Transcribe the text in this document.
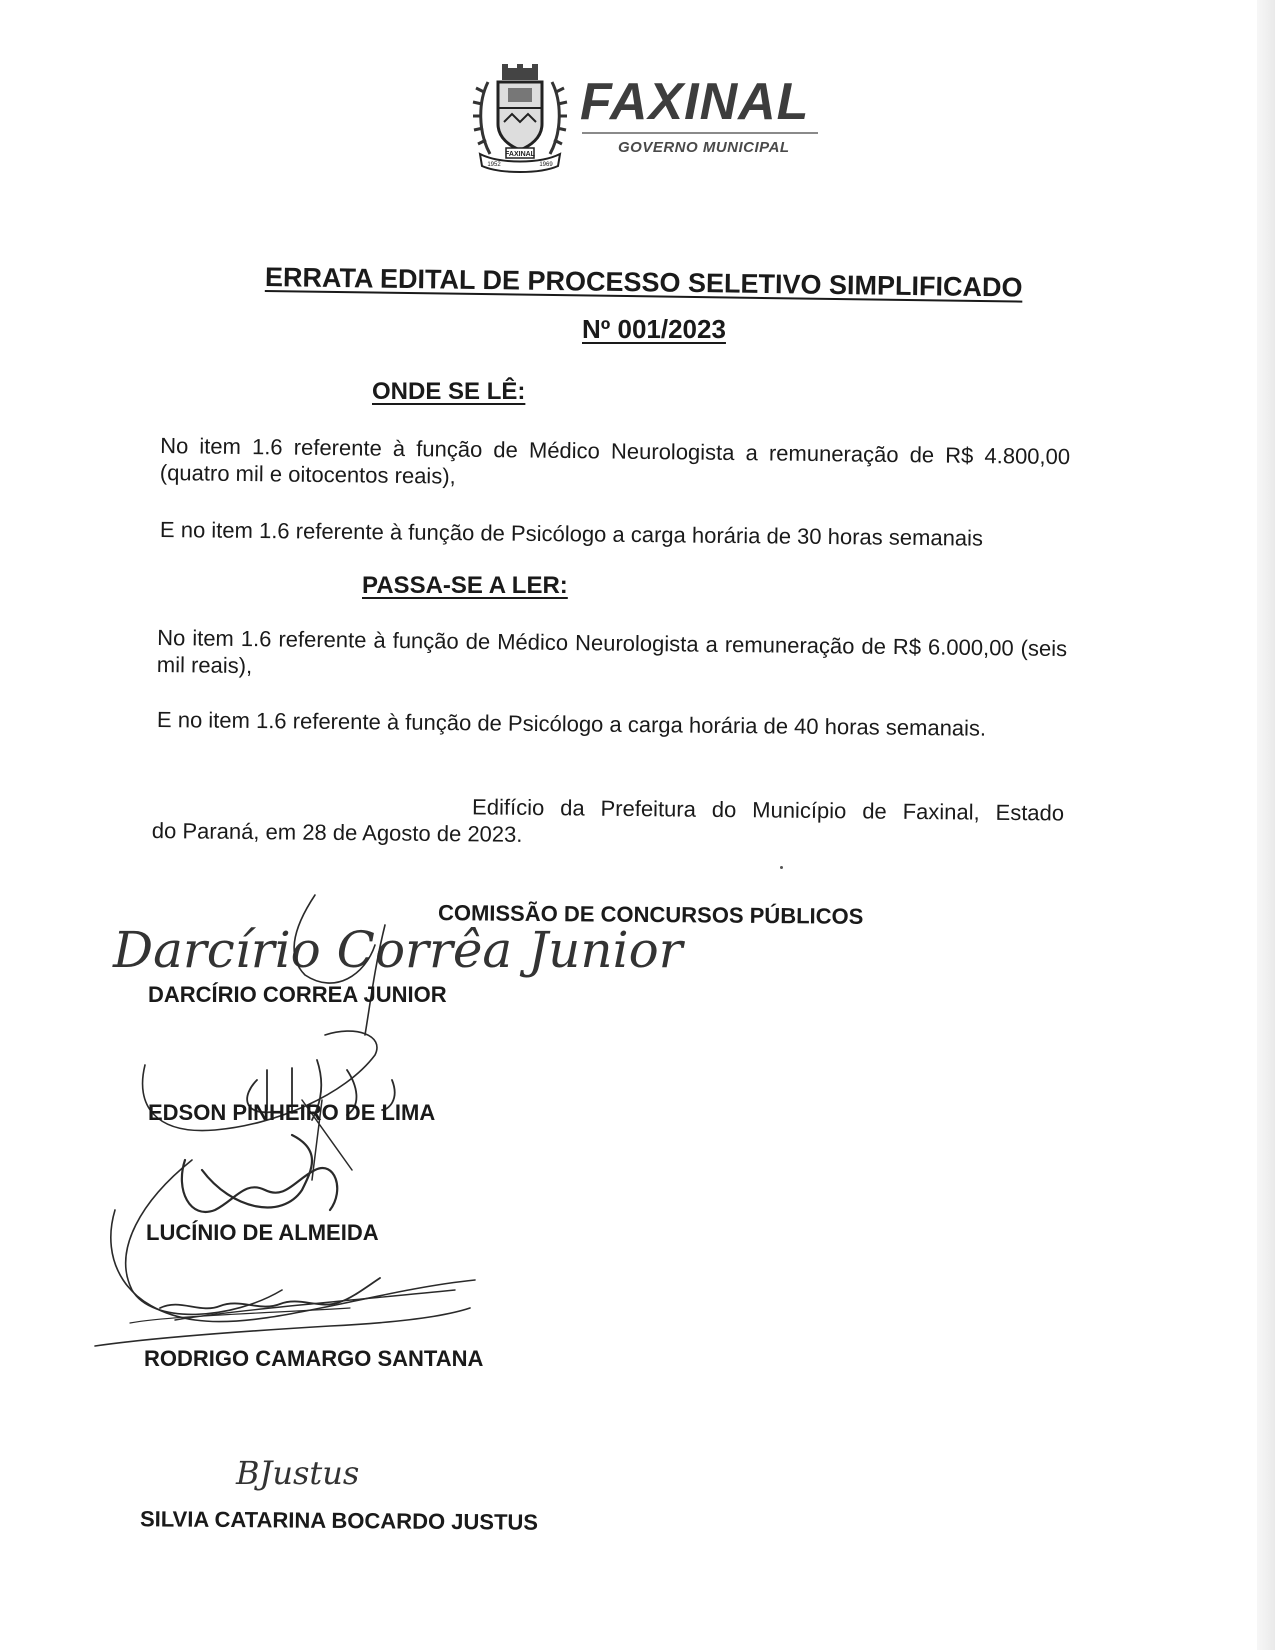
FAXINAL
1952	1969
FAXINAL
GOVERNO MUNICIPAL
ERRATA EDITAL DE PROCESSO SELETIVO SIMPLIFICADO
Nº 001/2023
ONDE SE LÊ:
No item 1.6 referente à função de Médico Neurologista a remuneração de R$ 4.800,00 (quatro mil e oitocentos reais),
E no item 1.6 referente à função de Psicólogo a carga horária de 30 horas semanais
PASSA-SE A LER:
No item 1.6 referente à função de Médico Neurologista a remuneração de R$ 6.000,00 (seis mil reais),
E no item 1.6 referente à função de Psicólogo a carga horária de 40 horas semanais.
Edifício da Prefeitura do Município de Faxinal, Estado
do Paraná, em 28 de Agosto de 2023.
COMISSÃO DE CONCURSOS PÚBLICOS
Darcírio Corrêa Junior
DARCÍRIO CORREA JUNIOR
EDSON PINHEIRO DE LIMA
LUCÍNIO DE ALMEIDA
RODRIGO CAMARGO SANTANA
BJustus
SILVIA CATARINA BOCARDO JUSTUS
